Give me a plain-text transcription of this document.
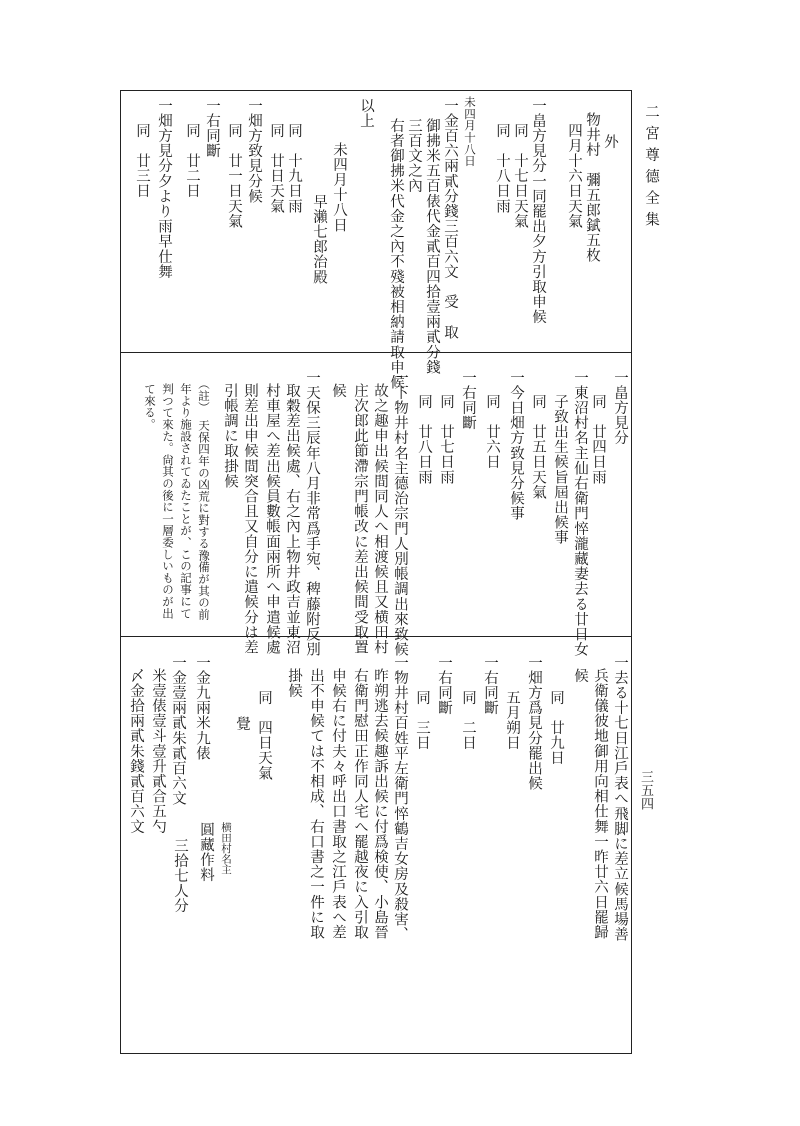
二宮尊德全集
三五四
外
物井村　彌五郎錻五枚
四月十六日天氣
一畠方見分一同罷出夕方引取申候
同　十七日天氣
同　十八日雨
未四月十八日
一金百六兩貳分錢三百六文　受　取
御拂米五百俵代金貳百四拾壹兩貳分錢
三百文之內
右者御拂米代金之內不殘被相納請取申候
以上
未四月十八日
早瀨七郎治殿
同　十九日雨
同　廿日天氣
一畑方致見分候
同　廿一日天氣
一右同斷
同　廿二日
一畑方見分夕より雨早仕舞
同　廿三日
一畠方見分
同　廿四日雨
一東沼村名主仙右衛門悴瀧藏妻去る廿日女
子致出生候旨屆出候事
同　廿五日天氣
一今日畑方致見分候事
同　廿六日
一右同斷
同　廿七日雨
同　廿八日雨
一下物井村名主德治宗門人別帳調出來致候
故之趣申出候間同人へ相渡候且又横田村
庄次郎此節滯宗門帳改に差出候間受取置
候
一天保三辰年八月非常爲手宛、稗藤附反別
取穀差出候處、右之內上物井政吉並東沼
村車屋へ差出候員數帳面兩所へ申遣候處
則差出申候間突合且又自分に遣候分は差
引帳調に取掛候
（註）　天保四年の凶荒に對する豫備が其の前
年より施設されてゐたことが、この記事にて
判つて來た。尙其の後に一層委しいものが出
て來る。
一去る十七日江戶表へ飛脚に差立候馬場善
兵衛儀彼地御用向相仕舞一昨廿六日罷歸
候
同　廿九日
一畑方爲見分罷出候
五月朔日
一右同斷
同　二日
一右同斷
同　三日
一物井村百姓平左衛門悴鶴吉女房及殺害、
昨朔逃去候趣訴出候に付爲検使、小島晉
右衛門慰田正作同人宅へ罷越夜に入引取
申候右に付夫々呼出口書取之江戶表へ差
出不申候ては不相成、右口書之一件に取
掛候
同　四日天氣
覺
横田村名主
圓藏作料
三拾七人分
一金九兩米九俵
一金壹兩貳朱貳百六文
米壹俵壹斗壹升貳合五勺
〆金拾兩貳朱錢貳百六文
